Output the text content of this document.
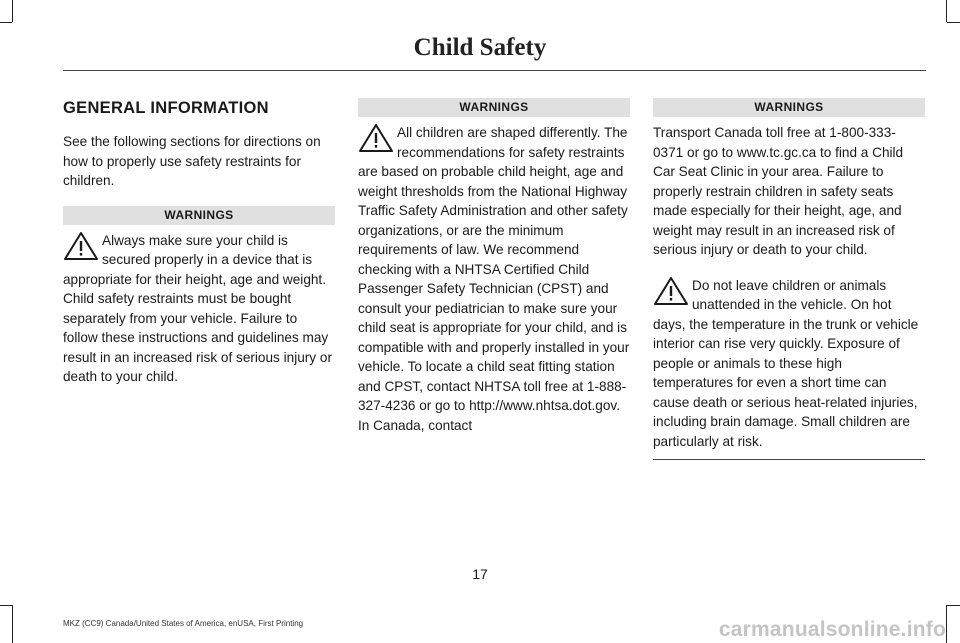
Child Safety
GENERAL INFORMATION

See the following sections for directions on how to properly use safety restraints for children.

WARNINGS

Always make sure your child is secured properly in a device that is appropriate for their height, age and weight. Child safety restraints must be bought separately from your vehicle. Failure to follow these instructions and guidelines may result in an increased risk of serious injury or death to your child.

WARNINGS

All children are shaped differently. The recommendations for safety restraints are based on probable child height, age and weight thresholds from the National Highway Traffic Safety Administration and other safety organizations, or are the minimum requirements of law. We recommend checking with a NHTSA Certified Child Passenger Safety Technician (CPST) and consult your pediatrician to make sure your child seat is appropriate for your child, and is compatible with and properly installed in your vehicle. To locate a child seat fitting station and CPST, contact NHTSA toll free at 1-888-327-4236 or go to http://www.nhtsa.dot.gov. In Canada, contact

WARNINGS

Transport Canada toll free at 1-800-333-0371 or go to www.tc.gc.ca to find a Child Car Seat Clinic in your area. Failure to properly restrain children in safety seats made especially for their height, age, and weight may result in an increased risk of serious injury or death to your child.

Do not leave children or animals unattended in the vehicle. On hot days, the temperature in the trunk or vehicle interior can rise very quickly. Exposure of people or animals to these high temperatures for even a short time can cause death or serious heat-related injuries, including brain damage. Small children are particularly at risk.

17
MKZ (CC9) Canada/United States of America, enUSA, First Printing	carmanualsonline.info
